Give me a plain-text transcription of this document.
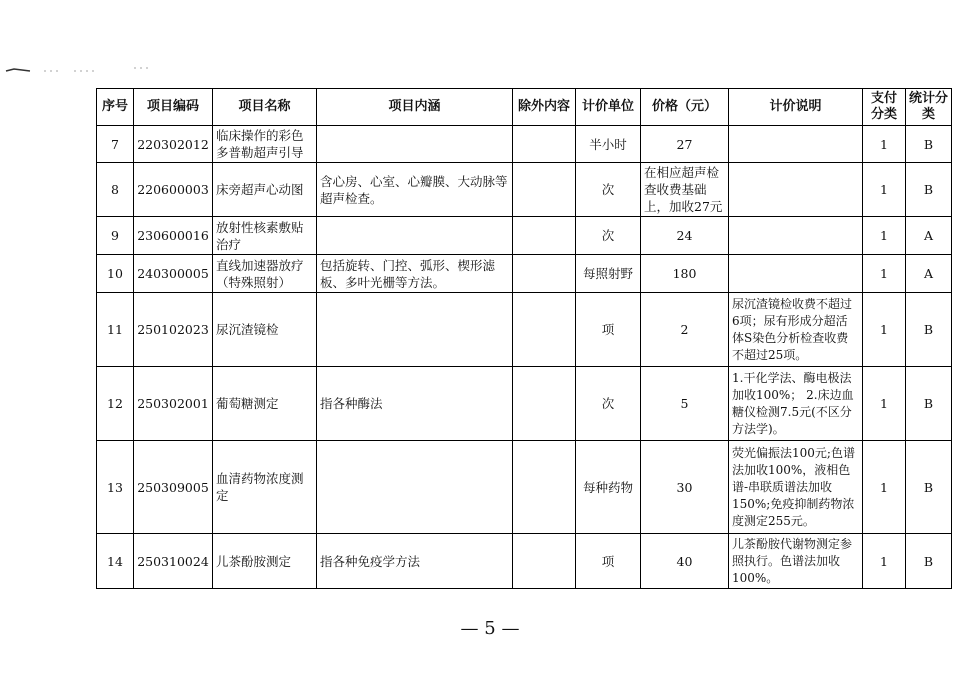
序号	项目编码	项目名称	项目内涵	除外内容	计价单位	价格（元）	计价说明	支付分类	统计分类
7	220302012	临床操作的彩色多普勒超声引导			半小时	27		1	B
8	220600003	床旁超声心动图	含心房、心室、心瓣膜、大动脉等超声检查。		次	在相应超声检查收费基础上，加收27元		1	B
9	230600016	放射性核素敷贴治疗			次	24		1	A
10	240300005	直线加速器放疗（特殊照射）	包括旋转、门控、弧形、楔形滤板、多叶光栅等方法。		每照射野	180		1	A
11	250102023	尿沉渣镜检			项	2	尿沉渣镜检收费不超过6项；尿有形成分超活体S染色分析检查收费不超过25项。	1	B
12	250302001	葡萄糖测定	指各种酶法		次	5	1.干化学法、酶电极法加收100%； 2.床边血糖仪检测7.5元(不区分方法学)。	1	B
13	250309005	血清药物浓度测定			每种药物	30	荧光偏振法100元;色谱法加收100%，液相色谱-串联质谱法加收150%;免疫抑制药物浓度测定255元。	1	B
14	250310024	儿茶酚胺测定	指各种免疫学方法		项	40	儿茶酚胺代谢物测定参照执行。色谱法加收100%。	1	B
— 5 —
